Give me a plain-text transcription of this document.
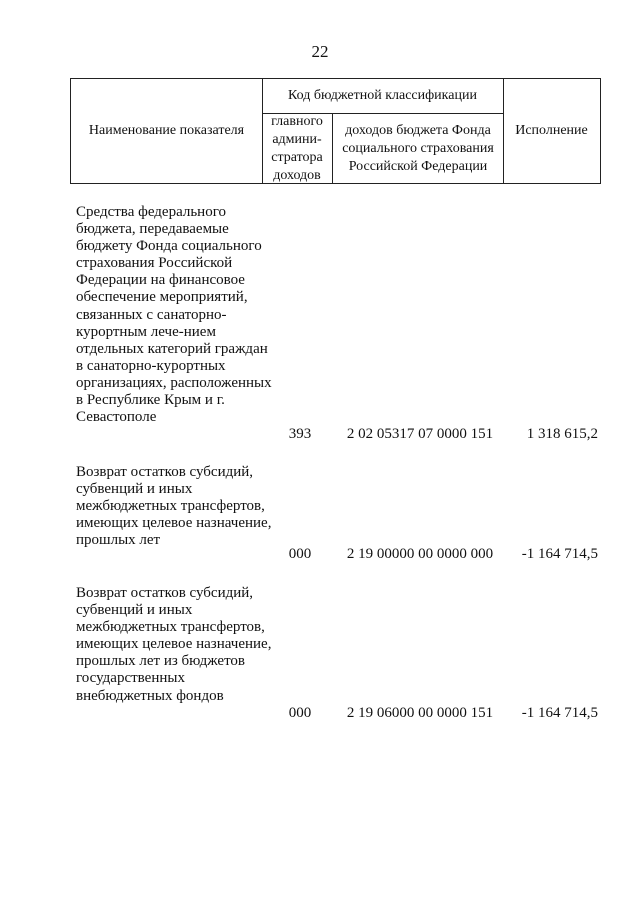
22
Наименование показателя
Код бюджетной классификации
главного админи-стратора доходов
доходов бюджета Фонда социального страхования Российской Федерации
Исполнение
Средства федерального бюджета, передаваемые бюджету Фонда социального страхования Российской Федерации на финансовое обеспечение мероприятий, связанных с санаторно-курортным лече-нием отдельных категорий граждан в санаторно-курортных организациях, расположенных в Республике Крым и г. Севастополе
393	2 02 05317 07 0000 151	1 318 615,2
Возврат остатков субсидий, субвенций и иных межбюджетных трансфертов, имеющих целевое назначение, прошлых лет
000	2 19 00000 00 0000 000	-1 164 714,5
Возврат остатков субсидий, субвенций и иных межбюджетных трансфертов, имеющих целевое назначение, прошлых лет из бюджетов государственных внебюджетных фондов
000	2 19 06000 00 0000 151	-1 164 714,5
